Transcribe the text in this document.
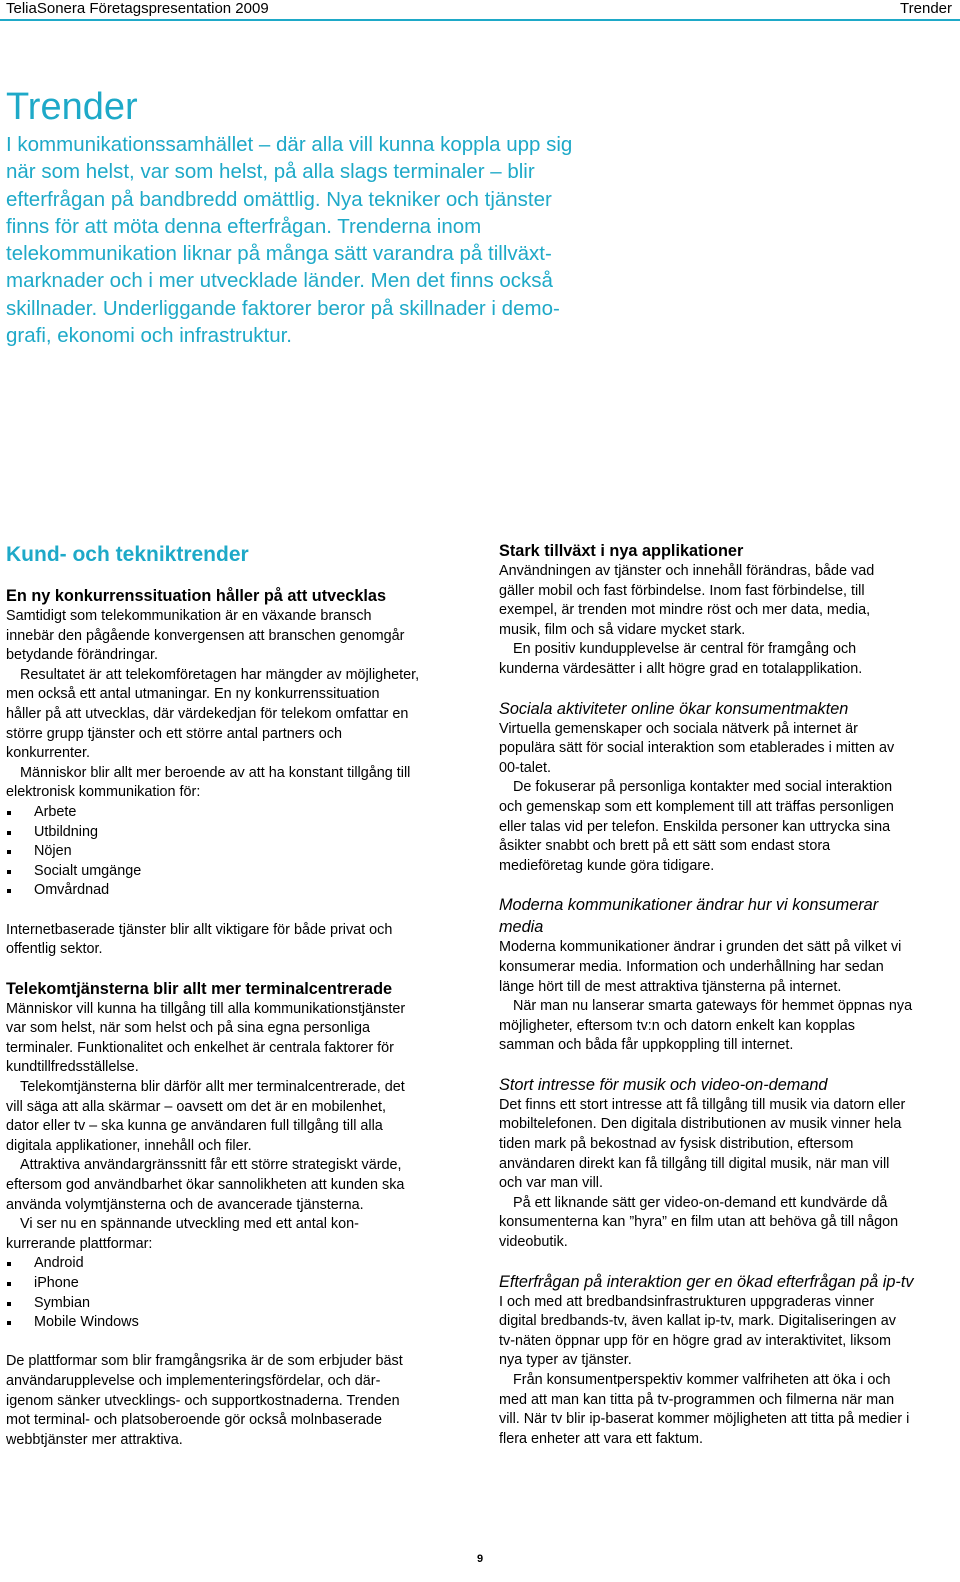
TeliaSonera Företagspresentation 2009	Trender
Trender

I kommunikationssamhället – där alla vill kunna koppla upp sig
när som helst, var som helst, på alla slags terminaler – blir
efterfrågan på bandbredd omättlig. Nya tekniker och tjänster
finns för att möta denna efterfrågan. Trenderna inom
telekommunikation liknar på många sätt varandra på tillväxt-
marknader och i mer utvecklade länder. Men det finns också
skillnader. Underliggande faktorer beror på skillnader i demo-
grafi, ekonomi och infrastruktur.

Kund- och tekniktrender
En ny konkurrenssituation håller på att utvecklas

Samtidigt som telekommunikation är en växande bransch
innebär den pågående konvergensen att branschen genomgår
betydande förändringar.

Resultatet är att telekomföretagen har mängder av möjligheter,
men också ett antal utmaningar. En ny konkurrenssituation
håller på att utvecklas, där värdekedjan för telekom omfattar en
större grupp tjänster och ett större antal partners och
konkurrenter.

Människor blir allt mer beroende av att ha konstant tillgång till
elektronisk kommunikation för:

Arbete
Utbildning
Nöjen
Socialt umgänge
Omvårdnad

Internetbaserade tjänster blir allt viktigare för både privat och
offentlig sektor.

Telekomtjänsterna blir allt mer terminalcentrerade

Människor vill kunna ha tillgång till alla kommunikationstjänster
var som helst, när som helst och på sina egna personliga
terminaler. Funktionalitet och enkelhet är centrala faktorer för
kundtillfredsställelse.

Telekomtjänsterna blir därför allt mer terminalcentrerade, det
vill säga att alla skärmar – oavsett om det är en mobilenhet,
dator eller tv – ska kunna ge användaren full tillgång till alla
digitala applikationer, innehåll och filer.

Attraktiva användargränssnitt får ett större strategiskt värde,
eftersom god användbarhet ökar sannolikheten att kunden ska
använda volymtjänsterna och de avancerade tjänsterna.

Vi ser nu en spännande utveckling med ett antal kon-
kurrerande plattformar:

Android
iPhone
Symbian
Mobile Windows

De plattformar som blir framgångsrika är de som erbjuder bäst
användarupplevelse och implementeringsfördelar, och där-
igenom sänker utvecklings- och supportkostnaderna. Trenden
mot terminal- och platsoberoende gör också molnbaserade
webbtjänster mer attraktiva.

Stark tillväxt i nya applikationer

Användningen av tjänster och innehåll förändras, både vad
gäller mobil och fast förbindelse. Inom fast förbindelse, till
exempel, är trenden mot mindre röst och mer data, media,
musik, film och så vidare mycket stark.

En positiv kundupplevelse är central för framgång och
kunderna värdesätter i allt högre grad en totalapplikation.

Sociala aktiviteter online ökar konsumentmakten

Virtuella gemenskaper och sociala nätverk på internet är
populära sätt för social interaktion som etablerades i mitten av
00-talet.

De fokuserar på personliga kontakter med social interaktion
och gemenskap som ett komplement till att träffas personligen
eller talas vid per telefon. Enskilda personer kan uttrycka sina
åsikter snabbt och brett på ett sätt som endast stora
medieföretag kunde göra tidigare.

Moderna kommunikationer ändrar hur vi konsumerar
media

Moderna kommunikationer ändrar i grunden det sätt på vilket vi
konsumerar media. Information och underhållning har sedan
länge hört till de mest attraktiva tjänsterna på internet.

När man nu lanserar smarta gateways för hemmet öppnas nya
möjligheter, eftersom tv:n och datorn enkelt kan kopplas
samman och båda får uppkoppling till internet.

Stort intresse för musik och video-on-demand

Det finns ett stort intresse att få tillgång till musik via datorn eller
mobiltelefonen. Den digitala distributionen av musik vinner hela
tiden mark på bekostnad av fysisk distribution, eftersom
användaren direkt kan få tillgång till digital musik, när man vill
och var man vill.

På ett liknande sätt ger video-on-demand ett kundvärde då
konsumenterna kan ”hyra” en film utan att behöva gå till någon
videobutik.

Efterfrågan på interaktion ger en ökad efterfrågan på ip-tv

I och med att bredbandsinfrastrukturen uppgraderas vinner
digital bredbands-tv, även kallat ip-tv, mark. Digitaliseringen av
tv-näten öppnar upp för en högre grad av interaktivitet, liksom
nya typer av tjänster.

Från konsumentperspektiv kommer valfriheten att öka i och
med att man kan titta på tv-programmen och filmerna när man
vill. När tv blir ip-baserat kommer möjligheten att titta på medier i
flera enheter att vara ett faktum.

9
